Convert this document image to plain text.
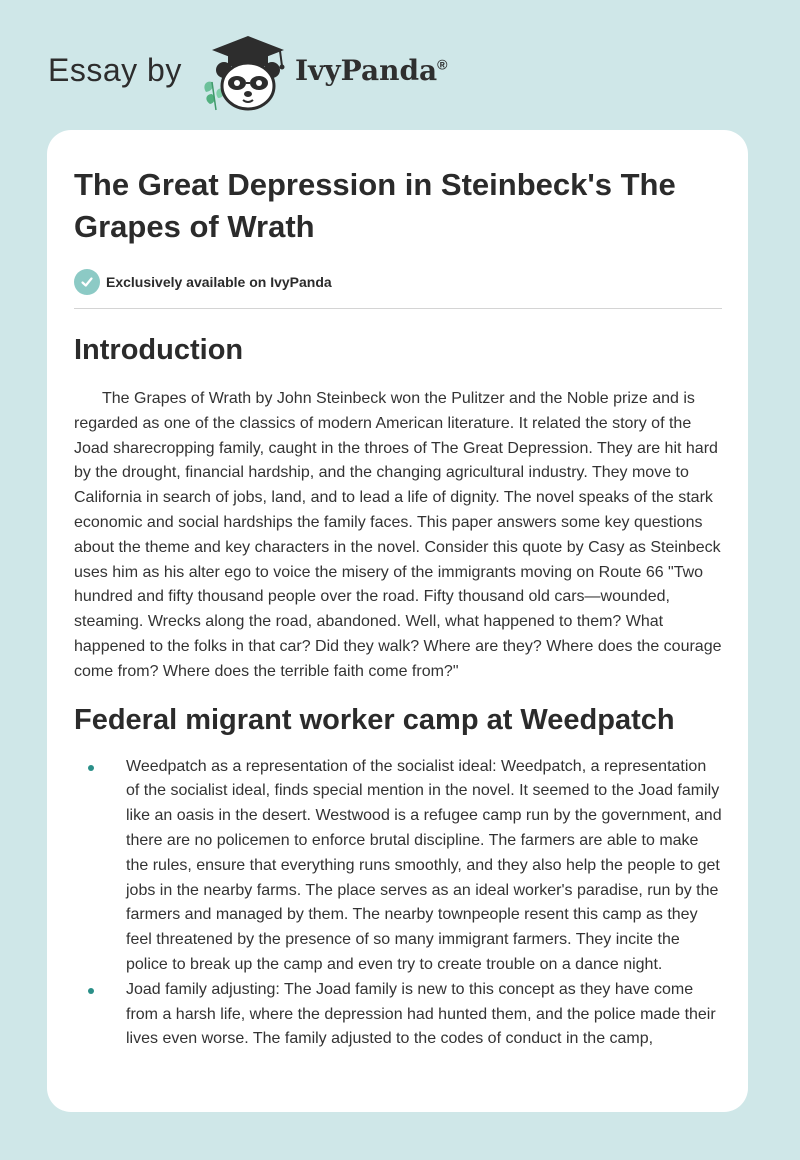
Essay by	IvyPanda®
The Great Depression in Steinbeck's The Grapes of Wrath
Exclusively available on IvyPanda
Introduction

The Grapes of Wrath by John Steinbeck won the Pulitzer and the Noble prize and is regarded as one of the classics of modern American literature. It related the story of the Joad sharecropping family, caught in the throes of The Great Depression. They are hit hard by the drought, financial hardship, and the changing agricultural industry. They move to California in search of jobs, land, and to lead a life of dignity. The novel speaks of the stark economic and social hardships the family faces. This paper answers some key questions about the theme and key characters in the novel. Consider this quote by Casy as Steinbeck uses him as his alter ego to voice the misery of the immigrants moving on Route 66 "Two hundred and fifty thousand people over the road. Fifty thousand old cars—wounded, steaming. Wrecks along the road, abandoned. Well, what happened to them? What happened to the folks in that car? Did they walk? Where are they? Where does the courage come from? Where does the terrible faith come from?"

Federal migrant worker camp at Weedpatch
Weedpatch as a representation of the socialist ideal: Weedpatch, a representation of the socialist ideal, finds special mention in the novel. It seemed to the Joad family like an oasis in the desert. Westwood is a refugee camp run by the government, and there are no policemen to enforce brutal discipline. The farmers are able to make the rules, ensure that everything runs smoothly, and they also help the people to get jobs in the nearby farms. The place serves as an ideal worker's paradise, run by the farmers and managed by them. The nearby townpeople resent this camp as they feel threatened by the presence of so many immigrant farmers. They incite the police to break up the camp and even try to create trouble on a dance night.
Joad family adjusting: The Joad family is new to this concept as they have come from a harsh life, where the depression had hunted them, and the police made their lives even worse. The family adjusted to the codes of conduct in the camp,
